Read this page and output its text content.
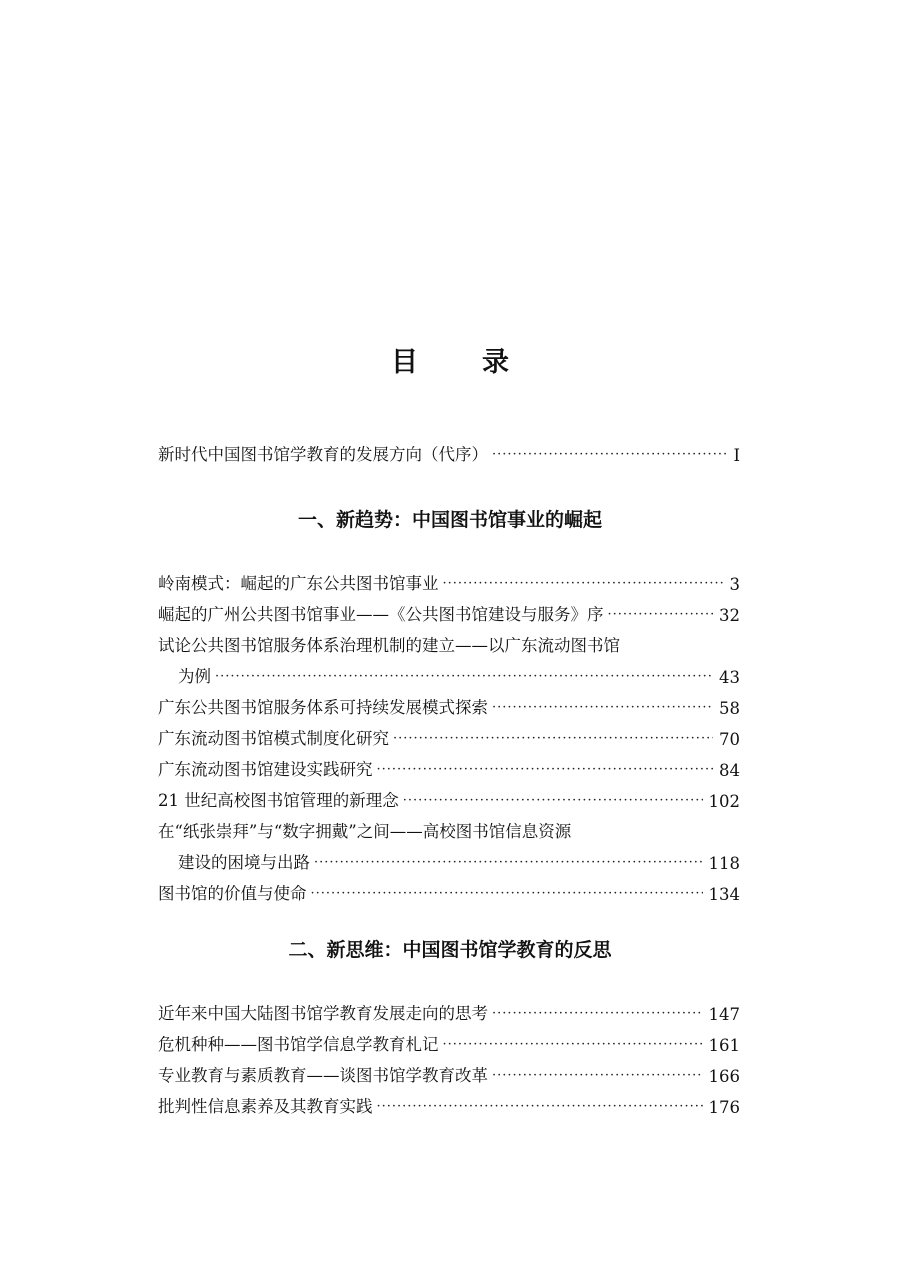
目 录
新时代中国图书馆学教育的发展方向（代序） ·····	I
一、新趋势：中国图书馆事业的崛起
岭南模式：崛起的广东公共图书馆事业 ·····	3
崛起的广州公共图书馆事业——《公共图书馆建设与服务》序 ·····	32
试论公共图书馆服务体系治理机制的建立——以广东流动图书馆
为例 ·····	43
广东公共图书馆服务体系可持续发展模式探索 ·····	58
广东流动图书馆模式制度化研究 ·····	70
广东流动图书馆建设实践研究 ·····	84
21 世纪高校图书馆管理的新理念 ·····	102
在“纸张崇拜”与“数字拥戴”之间——高校图书馆信息资源
建设的困境与出路 ·····	118
图书馆的价值与使命 ·····	134
二、新思维：中国图书馆学教育的反思
近年来中国大陆图书馆学教育发展走向的思考 ·····	147
危机种种——图书馆学信息学教育札记 ·····	161
专业教育与素质教育——谈图书馆学教育改革 ·····	166
批判性信息素养及其教育实践 ·····	176
